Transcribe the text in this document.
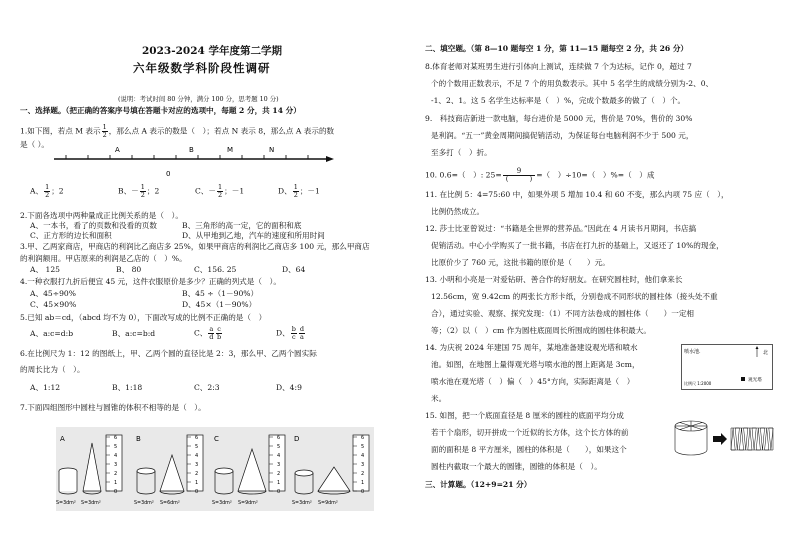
2023-2024 学年度第二学期
六年级数学科阶段性调研
(说明：考试时间 80 分钟，满分 100 分，思考题 10 分)
一、选择题。（把正确的答案序号填在答题卡对应的选项中，每题 2 分，共 14 分）
1.如下图，若点 M 表示 $\frac{1}{2}$ ，那么点 A 表示的数是（　）；若点 N 表示 8，那么点 A 表示的数
是（ ）。
A	B	M	N
0
A、 $\frac{1}{2}$ ；2	B、－ $\frac{1}{2}$ ；2	C、－ $\frac{1}{2}$ ；－1	D、 $\frac{1}{2}$ ；－1
2.下面各选项中两种量成正比例关系的是（　）。
A、一本书，看了的页数和没看的页数	B、三角形的高一定，它的面积和底
C、正方形的边长和面积	D、从甲地到乙地，汽车的速度和所用时间
3.甲、乙两家商店，甲商店的利润比乙商店多 25%，如果甲商店的利润比乙商店多 100 元，那么甲商店
的利润额用。甲店原来的利润是乙店的（　）%。
A、 125	B、 80	C、156. 25	D、64
4.一种衣服打九折后便宜 45 元，这件衣服原价是多少？正确的列式是（　）。
A、45÷90%	B、45 ÷（1－90%）
C、45×90%	D、45×（1－90%）
5.已知 ab＝cd，（abcd 均不为 0），下面改写成的比例不正确的是（　）
A、a:c=d:b	B、a:c=b:d	C、 $\frac{a}{d} \frac{c}{b}$	D、 $\frac{b}{c} \frac{d}{a}$
6.在比例尺为 1：12 的图纸上，甲、乙两个圆的直径比是 2：3，那么甲、乙两个圆实际
的周长比为（　）。
A、1:12	B、1:18	C、2:3	D、4:9
7.下面四组图形中圆柱与圆锥的体积不相等的是（　）。
A
S=3dm² S=3dm²
B
S=3dm² S=6dm²
C
S=3dm² S=9dm²
D
S=3dm² S=9dm²
6
5
4
3
2
1
0
6
5
4
3
2
1
0
6
5
4
3
2
1
0
6
5
4
3
2
1
0
二、填空题。（第 8—10 题每空 1 分，第 11—15 题每空 2 分，共 26 分）
8.体育老师对某班男生进行引体向上测试，连续做 7 个为达标，记作 0，超过 7
个的个数用正数表示，不足 7 个的用负数表示。其中 5 名学生的成绩分别为-2、0、
-1、2、1。这 5 名学生达标率是（　）%，完成个数最多的做了（　）个。
9.　科技商店新进一款电脑，每台进价是 5000 元，售价是 70%，售价的 30%
是利润。“五一”黄金周期间搞促销活动，为保证每台电脑利润不少于 500 元，
至多打（　）折。
10. 0.6=（　）: $25= \frac{9}{( )}$ =（　）÷10=（　）%=（　）成
11. 在比例 5：4=75:60 中，如果外项 5 增加 10.4 和 60 不变，那么内项 75 应（　），
比例仍然成立。
12. 莎士比亚曾说过：“书籍是全世界的营养品。”因此在 4 月读书月期间，书店搞
促销活动。中心小学购买了一批书籍，书店在打九折的基础上，又返还了 10%的现金，
比原价少了 760 元，这批书籍的原价是（　　）元。
13. 小明和小亮是一对爱钻研、善合作的好朋友。在研究圆柱时，他们拿来长
12.56cm，宽 9.42cm 的两张长方形卡纸，分别卷成不同形状的圆柱体（接头处不重
合），通过实验、观察、探究发现：（1）不同方法卷成的圆柱体（　　）一定相
等；（2）以（　）cm 作为圆柱底面周长所围成的圆柱体积最大。
14. 为庆祝 2024 年建国 75 周年，某地准备建设观光塔和喷水
池。如图，在地图上量得观光塔与喷水池的图上距离是 3cm，
喷水池在观光塔（　）偏（　）45°方向，实际距离是（　）
米。
喷水池.	北
比例尺 1:2000
观光塔
15. 如图，把一个底面直径是 8 厘米的圆柱的底面平均分成
若干个扇形，切开拼成一个近似的长方体，这个长方体的前
面的面积是 8 平方厘米，圆柱的体积是（　　），如果这个
圆柱内截取一个最大的圆锥，圆锥的体积是（　）。
三、计算题。（12+9=21 分）
